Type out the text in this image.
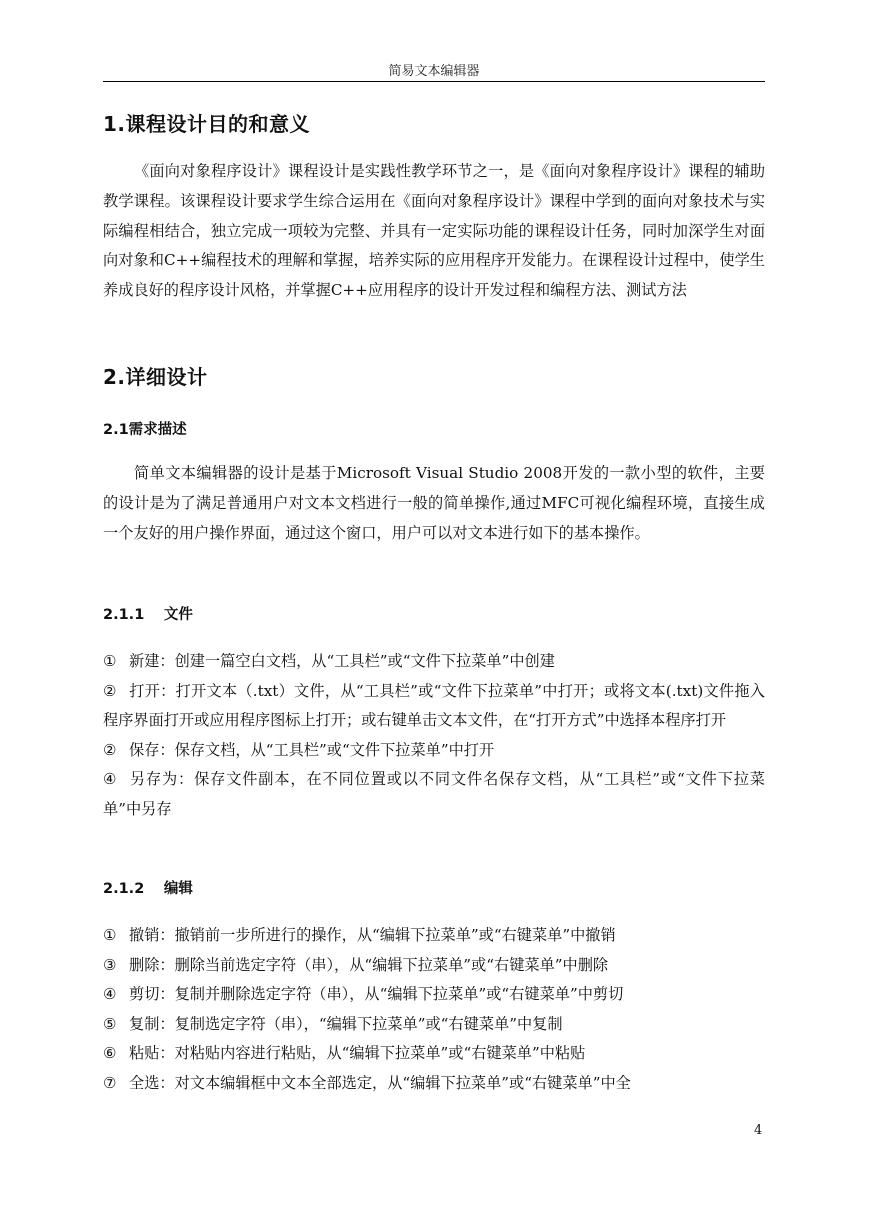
简易文本编辑器
1.课程设计目的和意义

《面向对象程序设计》课程设计是实践性教学环节之一，是《面向对象程序设计》课程的辅助教学课程。该课程设计要求学生综合运用在《面向对象程序设计》课程中学到的面向对象技术与实际编程相结合，独立完成一项较为完整、并具有一定实际功能的课程设计任务，同时加深学生对面向对象和C++编程技术的理解和掌握，培养实际的应用程序开发能力。在课程设计过程中，使学生养成良好的程序设计风格，并掌握C++应用程序的设计开发过程和编程方法、测试方法

2.详细设计
2.1需求描述

简单文本编辑器的设计是基于Microsoft Visual Studio 2008开发的一款小型的软件，主要的设计是为了满足普通用户对文本文档进行一般的简单操作,通过MFC可视化编程环境，直接生成一个友好的用户操作界面，通过这个窗口，用户可以对文本进行如下的基本操作。

2.1.1　 文件
① 新建：创建一篇空白文档，从“工具栏”或“文件下拉菜单”中创建
② 打开：打开文本（.txt）文件，从“工具栏”或“文件下拉菜单”中打开；或将文本(.txt)文件拖入程序界面打开或应用程序图标上打开；或右键单击文本文件，在“打开方式”中选择本程序打开
② 保存：保存文档，从“工具栏”或“文件下拉菜单”中打开
④ 另存为：保存文件副本，在不同位置或以不同文件名保存文档，从“工具栏”或“文件下拉菜单”中另存
2.1.2　 编辑
① 撤销：撤销前一步所进行的操作，从“编辑下拉菜单”或“右键菜单”中撤销
③ 删除：删除当前选定字符（串），从“编辑下拉菜单”或“右键菜单”中删除
④ 剪切：复制并删除选定字符（串），从“编辑下拉菜单”或“右键菜单”中剪切
⑤ 复制：复制选定字符（串），“编辑下拉菜单”或“右键菜单”中复制
⑥ 粘贴：对粘贴内容进行粘贴，从“编辑下拉菜单”或“右键菜单”中粘贴
⑦ 全选：对文本编辑框中文本全部选定，从“编辑下拉菜单”或“右键菜单”中全
4
